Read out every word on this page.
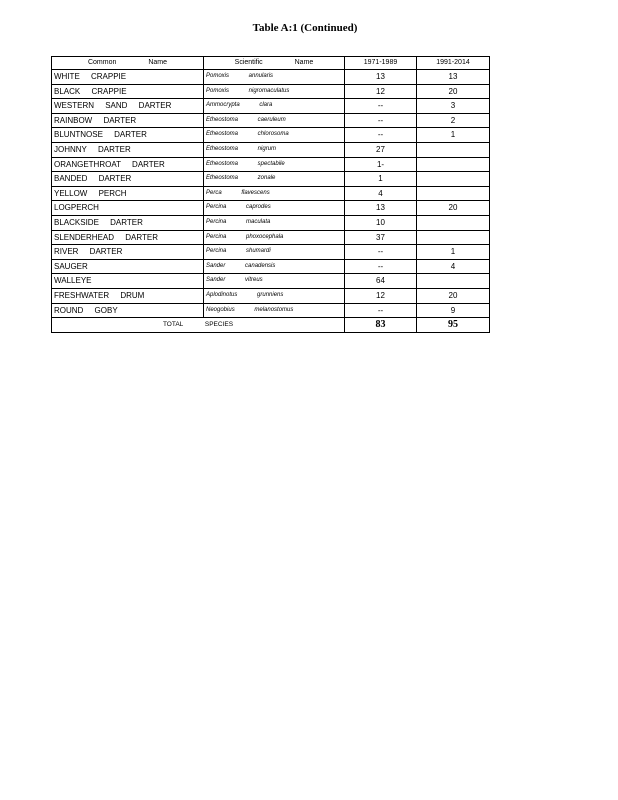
Table A:1 (Continued)
Common Name	Scientific Name	1971-1989	1991-2014
WHITE CRAPPIE	Pomoxis annularis	13	13
BLACK CRAPPIE	Pomoxis nigromaculatus	12	20
WESTERN SAND DARTER	Ammocrypta clara	--	3
RAINBOW DARTER	Etheostoma caeruleum	--	2
BLUNTNOSE DARTER	Etheostoma chlorosoma	--	1
JOHNNY DARTER	Etheostoma nigrum	27	
ORANGETHROAT DARTER	Etheostoma spectabile	1-	
BANDED DARTER	Etheostoma zonale	1	
YELLOW PERCH	Perca flavescens	4	
LOGPERCH	Percina caprodes	13	20
BLACKSIDE DARTER	Percina maculata	10	
SLENDERHEAD DARTER	Percina phoxocephala	37	
RIVER DARTER	Percina shumardi	--	1
SAUGER	Sander canadensis	--	4
WALLEYE	Sander vitreus	64	
FRESHWATER DRUM	Aplodinotus grunniens	12	20
ROUND GOBY	Neogobius melanostomus	--	9
TOTAL SPECIES		83	95
